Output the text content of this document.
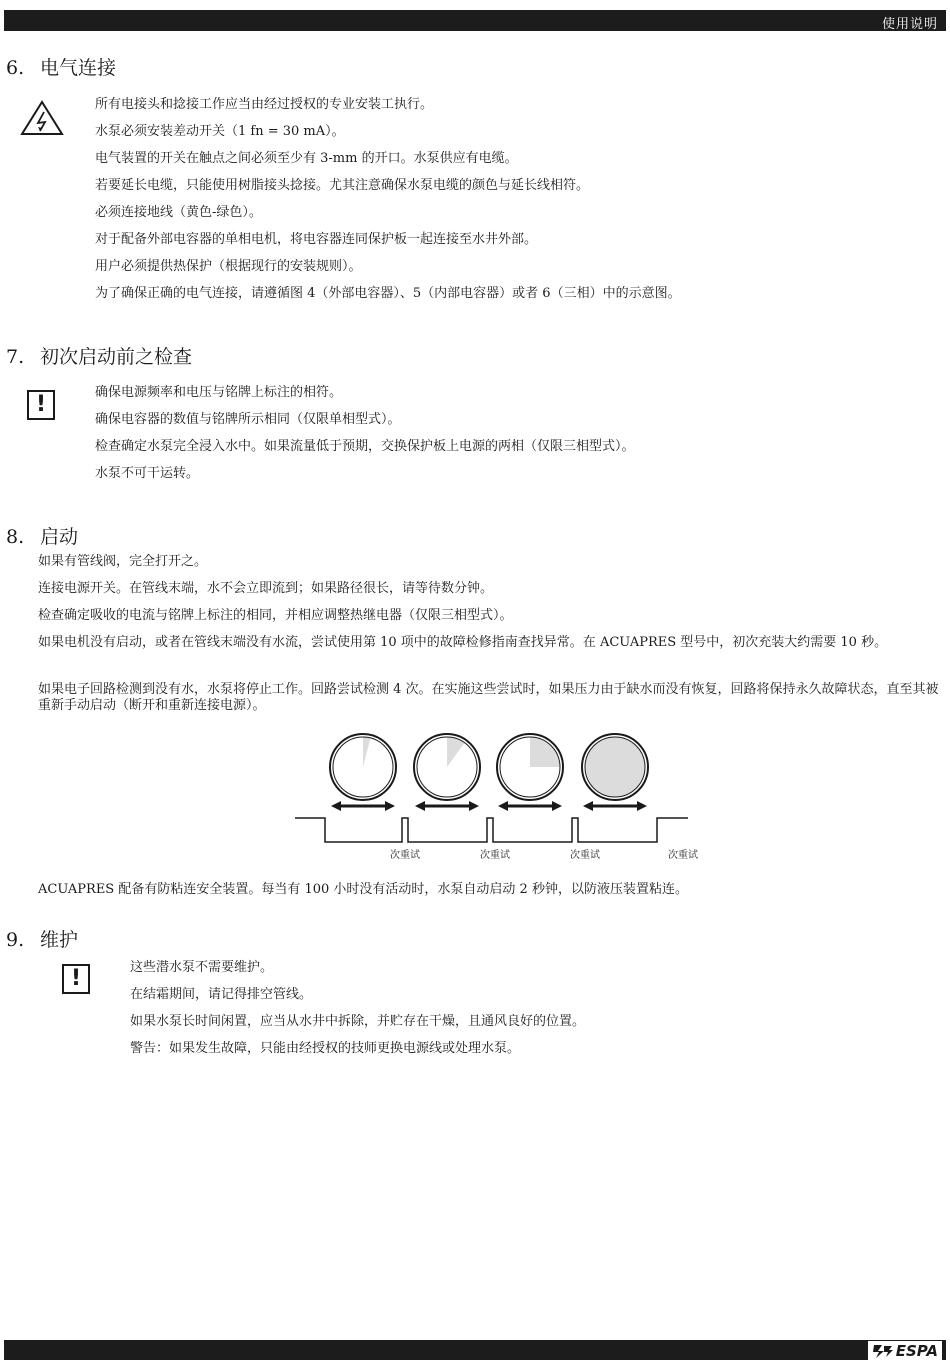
使用说明
6. 电气连接
所有电接头和捻接工作应当由经过授权的专业安装工执行。
水泵必须安装差动开关（1 fn = 30 mA）。
电气装置的开关在触点之间必须至少有 3-mm 的开口。水泵供应有电缆。
若要延长电缆，只能使用树脂接头捻接。尤其注意确保水泵电缆的颜色与延长线相符。
必须连接地线（黄色-绿色）。
对于配备外部电容器的单相电机，将电容器连同保护板一起连接至水井外部。
用户必须提供热保护（根据现行的安装规则）。
为了确保正确的电气连接，请遵循图 4（外部电容器）、5（内部电容器）或者 6（三相）中的示意图。
7. 初次启动前之检查
!	确保电源频率和电压与铭牌上标注的相符。
确保电容器的数值与铭牌所示相同（仅限单相型式）。
检查确定水泵完全浸入水中。如果流量低于预期，交换保护板上电源的两相（仅限三相型式）。
水泵不可干运转。
8. 启动
如果有管线阀，完全打开之。
连接电源开关。在管线末端，水不会立即流到；如果路径很长，请等待数分钟。
检查确定吸收的电流与铭牌上标注的相同，并相应调整热继电器（仅限三相型式）。
如果电机没有启动，或者在管线末端没有水流，尝试使用第 10 项中的故障检修指南查找异常。在 ACUAPRES 型号中，初次充装大约需要 10 秒。
如果电子回路检测到没有水，水泵将停止工作。回路尝试检测 4 次。在实施这些尝试时，如果压力由于缺水而没有恢复，回路将保持永久故障状态，直至其被重新手动启动（断开和重新连接电源）。
次重试	次重试	次重试	次重试
ACUAPRES 配备有防粘连安全装置。每当有 100 小时没有活动时，水泵自动启动 2 秒钟，以防液压装置粘连。
9. 维护
!	这些潜水泵不需要维护。
在结霜期间，请记得排空管线。
如果水泵长时间闲置，应当从水井中拆除，并贮存在干燥，且通风良好的位置。
警告：如果发生故障，只能由经授权的技师更换电源线或处理水泵。
ESPA
